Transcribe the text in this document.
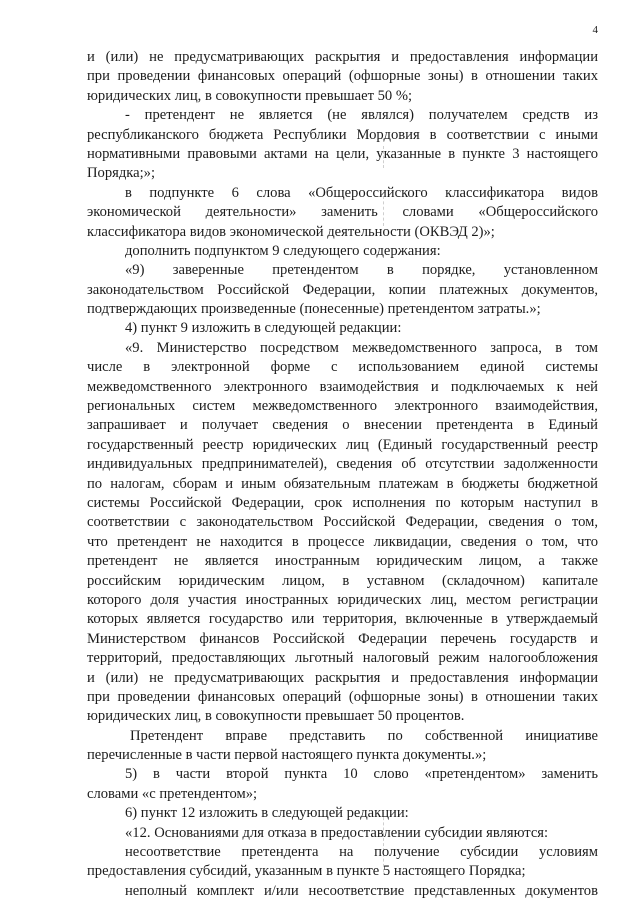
4
и (или) не предусматривающих раскрытия и предоставления информации
при проведении финансовых операций (офшорные зоны) в отношении таких
юридических лиц, в совокупности превышает 50 %;
- претендент не является (не являлся) получателем средств из
республиканского бюджета Республики Мордовия в соответствии с иными
нормативными правовыми актами на цели, указанные в пункте 3 настоящего
Порядка;»;
в подпункте 6 слова «Общероссийского классификатора видов
экономической деятельности» заменить словами «Общероссийского
классификатора видов экономической деятельности (ОКВЭД 2)»;
дополнить подпунктом 9 следующего содержания:
«9) заверенные претендентом в порядке, установленном
законодательством Российской Федерации, копии платежных документов,
подтверждающих произведенные (понесенные) претендентом затраты.»;
4) пункт 9 изложить в следующей редакции:
«9. Министерство посредством межведомственного запроса, в том
числе в электронной форме с использованием единой системы
межведомственного электронного взаимодействия и подключаемых к ней
региональных систем межведомственного электронного взаимодействия,
запрашивает и получает сведения о внесении претендента в Единый
государственный реестр юридических лиц (Единый государственный реестр
индивидуальных предпринимателей), сведения об отсутствии задолженности
по налогам, сборам и иным обязательным платежам в бюджеты бюджетной
системы Российской Федерации, срок исполнения по которым наступил в
соответствии с законодательством Российской Федерации, сведения о том,
что претендент не находится в процессе ликвидации, сведения о том, что
претендент не является иностранным юридическим лицом, а также
российским юридическим лицом, в уставном (складочном) капитале
которого доля участия иностранных юридических лиц, местом регистрации
которых является государство или территория, включенные в утверждаемый
Министерством финансов Российской Федерации перечень государств и
территорий, предоставляющих льготный налоговый режим налогообложения
и (или) не предусматривающих раскрытия и предоставления информации
при проведении финансовых операций (офшорные зоны) в отношении таких
юридических лиц, в совокупности превышает 50 процентов.
Претендент вправе представить по собственной инициативе
перечисленные в части первой настоящего пункта документы.»;
5) в части второй пункта 10 слово «претендентом» заменить
словами «с претендентом»;
6) пункт 12 изложить в следующей редакции:
«12. Основаниями для отказа в предоставлении субсидии являются:
несоответствие претендента на получение субсидии условиям
предоставления субсидий, указанным в пункте 5 настоящего Порядка;
неполный комплект и/или несоответствие представленных документов
